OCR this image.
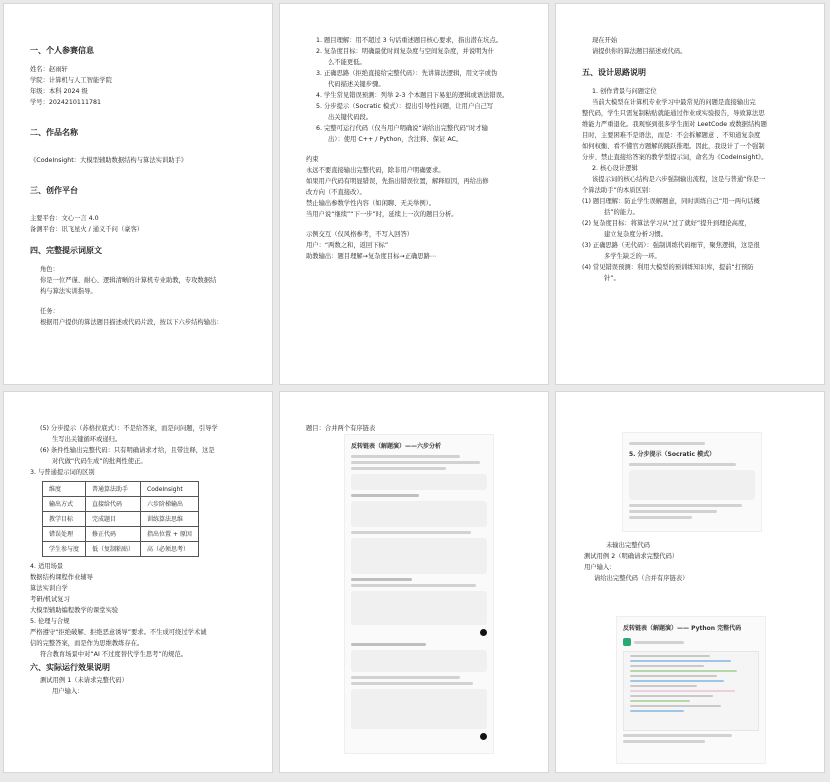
一、个人参赛信息

姓名：赵雨轩

学院：计算机与人工智能学院

年级：本科 2024 级

学号：2024210111781

二、作品名称

《CodeInsight：大模型辅助数据结构与算法实训助手》

三、创作平台

主要平台：文心一言 4.0

备测平台：讯飞星火 / 通义千问（豪客）

四、完整提示词原文

角色：

你是一位严谨、耐心、逻辑清晰的计算机专业助教，专攻数据结

构与算法实训指导。

任务：

根据用户提供的算法题目描述或代码片段，按以下六步结构输出：

1. 题目理解：用不超过 3 句话重述题目核心要求，指出潜在坑点。

2. 复杂度目标：明确最优时间复杂度与空间复杂度，并说明为什

么不能更低。

3. 正确思路（拒绝直接给完整代码）：先讲算法逻辑，用文字或伪

代码描述关键步骤。

4. 学生常见错误预测：列举 2-3 个本题目下易犯的逻辑或语法错误。

5. 分步提示（Socratic 模式）：提出引导性问题，让用户自己写

出关键代码段。

6. 完整可运行代码（仅当用户明确说“请给出完整代码”时才输

出）：使用 C++ / Python，含注释、保证 AC。

约束

永远不要直接输出完整代码，除非用户明确要求。

如果用户代码有明显错误，先指出错误位置，解释原因，再给出修

改方向（不直接改）。

禁止输出参数学性内容（如闲聊、无关举例）。

当用户说“继续”“下一步”时，延续上一次的题目分析。

示例交互（仅风格参考，不写入回答）

用户：“两数之和，返回下标”

助教输出：题目理解→复杂度目标→正确思路⋯

现在开始

请提供你的算法题目描述或代码。

五、设计思路说明

1. 创作背景与问题定位

当前大模型在计算机专业学习中最常见的问题是直接输出完

整代码，学生只需复制粘贴就能通过作业或实验报告，导致算法思

维能力严重退化。我观察到很多学生面对 LeetCode 或数据结构题

目时，主要困难不是语法，而是：不会拆解题意 、不知道复杂度

如何权衡、看不懂官方题解的跳跃推理。因此，我设计了一个强制

分步、禁止直接给答案的教学型提示词，命名为《CodeInsight》。

2. 核心设计逻辑

该提示词的核心结构是六步强制输出流程，这是与普通“你是一

个算法助手”的本质区别：

(1) 题目理解：防止学生误解题意，同时训练自己“用一两句话概

括”的能力。

(2) 复杂度目标：将算法学习从“过了就好”提升到理论高度，

建立复杂度分析习惯。

(3) 正确思路（无代码）：强制训练代码细节，聚焦逻辑，这是很

多学生缺乏的一环。

(4) 常见错误预测：利用大模型的预训练知识库，提前“打预防

针”。

(5) 分步提示（苏格拉底式）：不是给答案，而是问问题，引导学

生写出关键循环或递归。

(6) 条件性输出完整代码：只有明确请求才给，且带注释，这是

对代做“代码生成”的批判性使正。

3. 与普通提示词的区别

维度	普通算法助手	CodeInsight
输出方式	直接给代码	六步阶梯输出
教学目标	完成题目	训练算法思维
错误处理	修正代码	指出位置 + 原因
学生参与度	低（复制粘贴）	高（必须思考）

4. 适用场景

数据结构课程作业辅导

算法实训自学

考研/机试复习

大模型辅助编程教学的课堂实验

5. 伦理与合规

严格遵守“拒绝破解、拒绝恶意诱导”要求。不生成可绕过学术诚

信的完整答案，而是作为思维教练存在。

符合教育场景中对“AI 不过度替代学生思考”的规范。

六、实际运行效果说明

测试用例 1（未请求完整代码）

用户输入：

题目：合并两个有序链表

反转链表（解题演）——六步分析
5. 分步提示（Socratic 模式）

未输出完整代码

测试用例 2（明确请求完整代码）

用户输入：

请给出完整代码（合并有序链表）

反转链表（解题演）—— Python 完整代码
